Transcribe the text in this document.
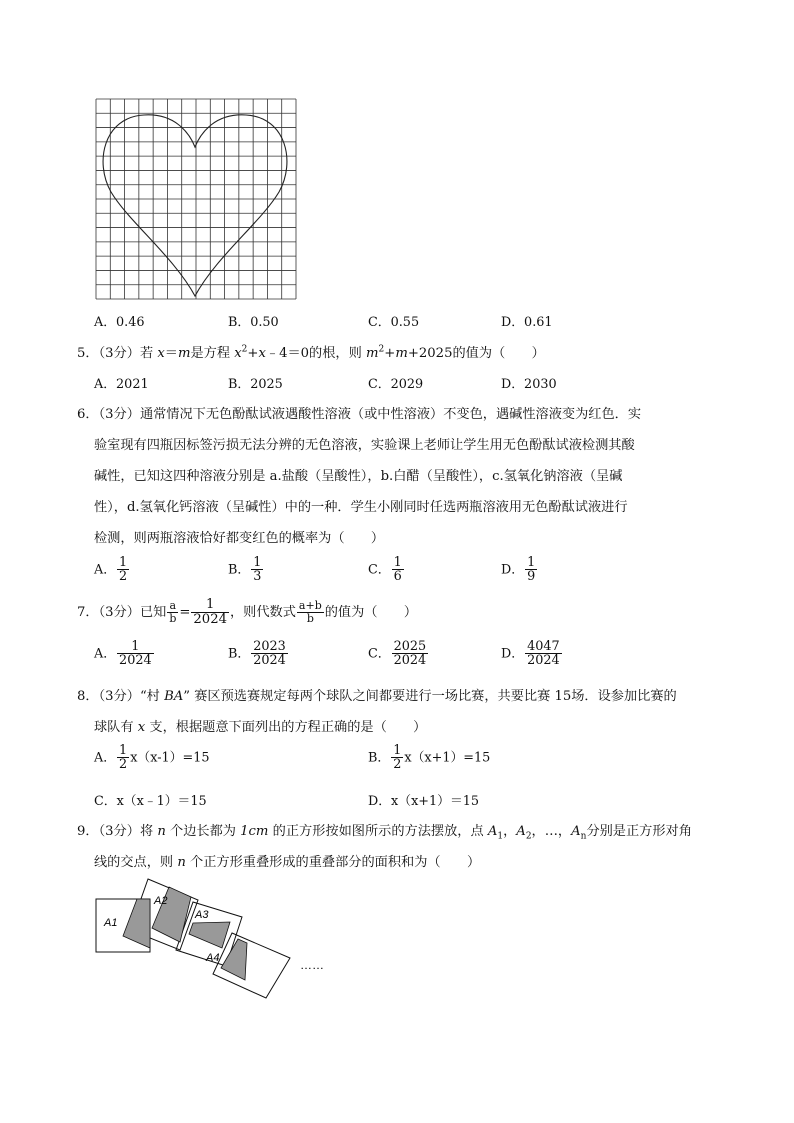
A．0.46	B．0.50	C．0.55	D．0.61
5．（3分）若 x＝m是方程 $x^2+x﹣4=0$的根，则 $m^2+m+2025$的值为（　　）
A．2021	B．2025	C．2029	D．2030
6．（3分）通常情况下无色酚酞试液遇酸性溶液（或中性溶液）不变色，遇碱性溶液变为红色．实
验室现有四瓶因标签污损无法分辨的无色溶液，实验课上老师让学生用无色酚酞试液检测其酸
碱性，已知这四种溶液分别是 a.盐酸（呈酸性），b.白醋（呈酸性），c.氢氧化钠溶液（呈碱
性），d.氢氧化钙溶液（呈碱性）中的一种．学生小刚同时任选两瓶溶液用无色酚酞试液进行
检测，则两瓶溶液恰好都变红色的概率为（　　）
A． $\frac{1}{2}$	B． $\frac{1}{3}$	C． $\frac{1}{6}$	D． $\frac{1}{9}$
7．（3分）已知 $\frac{a}{b} = \frac{1}{2024}$ ，则代数式 $\frac{a+b}{b}$ 的值为（　　）
A． $\frac{1}{2024}$	B． $\frac{2023}{2024}$	C． $\frac{2025}{2024}$	D． $\frac{4047}{2024}$
8．（3分）“村 BA” 赛区预选赛规定每两个球队之间都要进行一场比赛，共要比赛 15场．设参加比赛的
球队有 x 支，根据题意下面列出的方程正确的是（　　）
A． $\frac{1}{2} x(x-1)=15$	B． $\frac{1}{2} x(x+1)=15$
C．x（x﹣1）＝15	D．x（x+1）＝15
9．（3分）将 n 个边长都为 1cm 的正方形按如图所示的方法摆放，点 $A_1$，$A_2$，…，$A_n$分别是正方形对角
线的交点，则 n 个正方形重叠形成的重叠部分的面积和为（　　）
A1
A2
A3
A4	……
